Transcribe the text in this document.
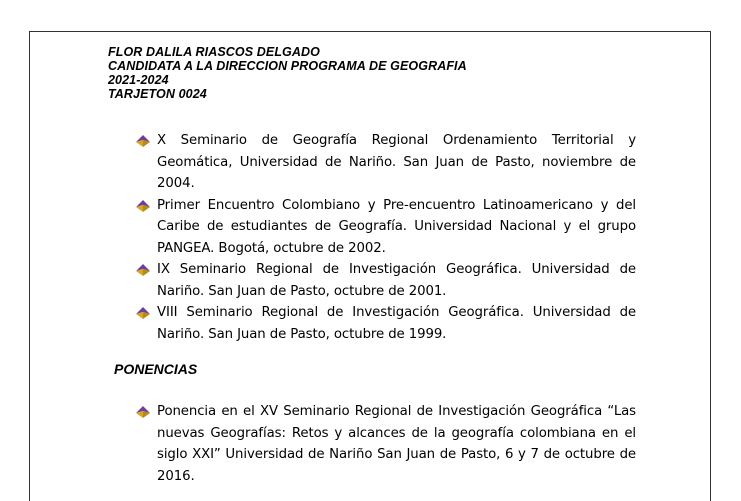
FLOR DALILA RIASCOS DELGADO
CANDIDATA A LA DIRECCION PROGRAMA DE GEOGRAFIA
2021-2024
TARJETON 0024
X Seminario de Geografía Regional Ordenamiento Territorial y Geomática, Universidad de Nariño. San Juan de Pasto, noviembre de 2004.
Primer Encuentro Colombiano y Pre-encuentro Latinoamericano y del Caribe de estudiantes de Geografía. Universidad Nacional y el grupo PANGEA. Bogotá, octubre de 2002.
IX Seminario Regional de Investigación Geográfica. Universidad de Nariño. San Juan de Pasto, octubre de 2001.
VIII Seminario Regional de Investigación Geográfica. Universidad de Nariño. San Juan de Pasto, octubre de 1999.
PONENCIAS
Ponencia en el XV Seminario Regional de Investigación Geográfica “Las nuevas Geografías: Retos y alcances de la geografía colombiana en el siglo XXI” Universidad de Nariño San Juan de Pasto, 6 y 7 de octubre de 2016.
